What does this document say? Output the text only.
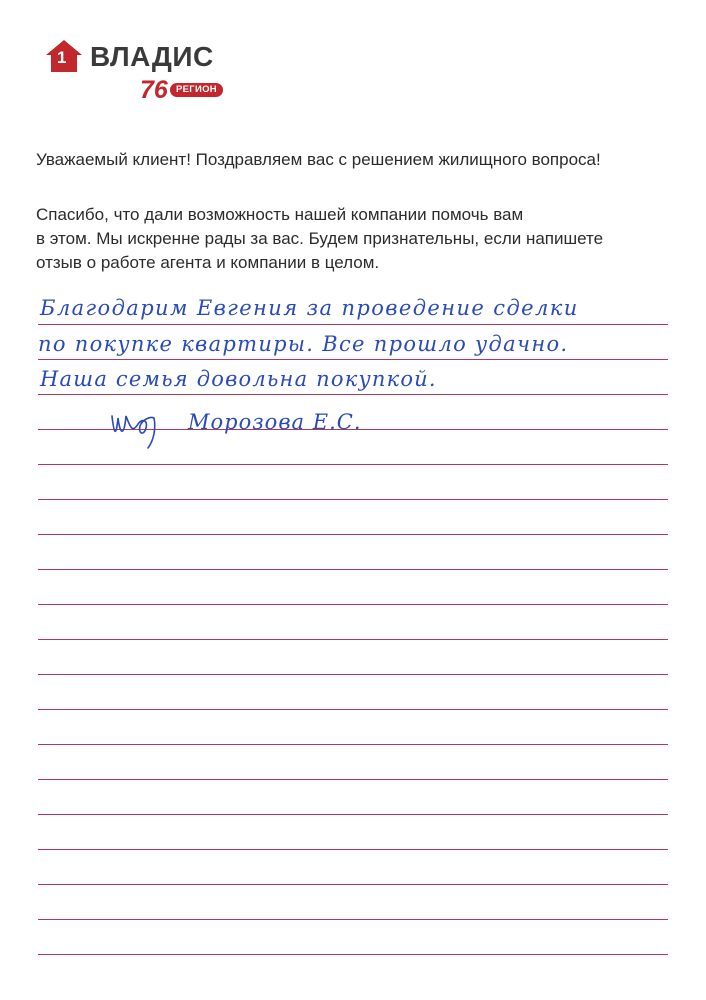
1 ВЛАДИС
76 РЕГИОН
Уважаемый клиент! Поздравляем вас с решением жилищного вопроса!
Спасибо, что дали возможность нашей компании помочь вам
в этом. Мы искренне рады за вас. Будем признательны, если напишете
отзыв о работе агента и компании в целом.
Благодарим Евгения за проведение сделки
по покупке квартиры. Все прошло удачно.
Наша семья довольна покупкой.
Морозова Е.С.
